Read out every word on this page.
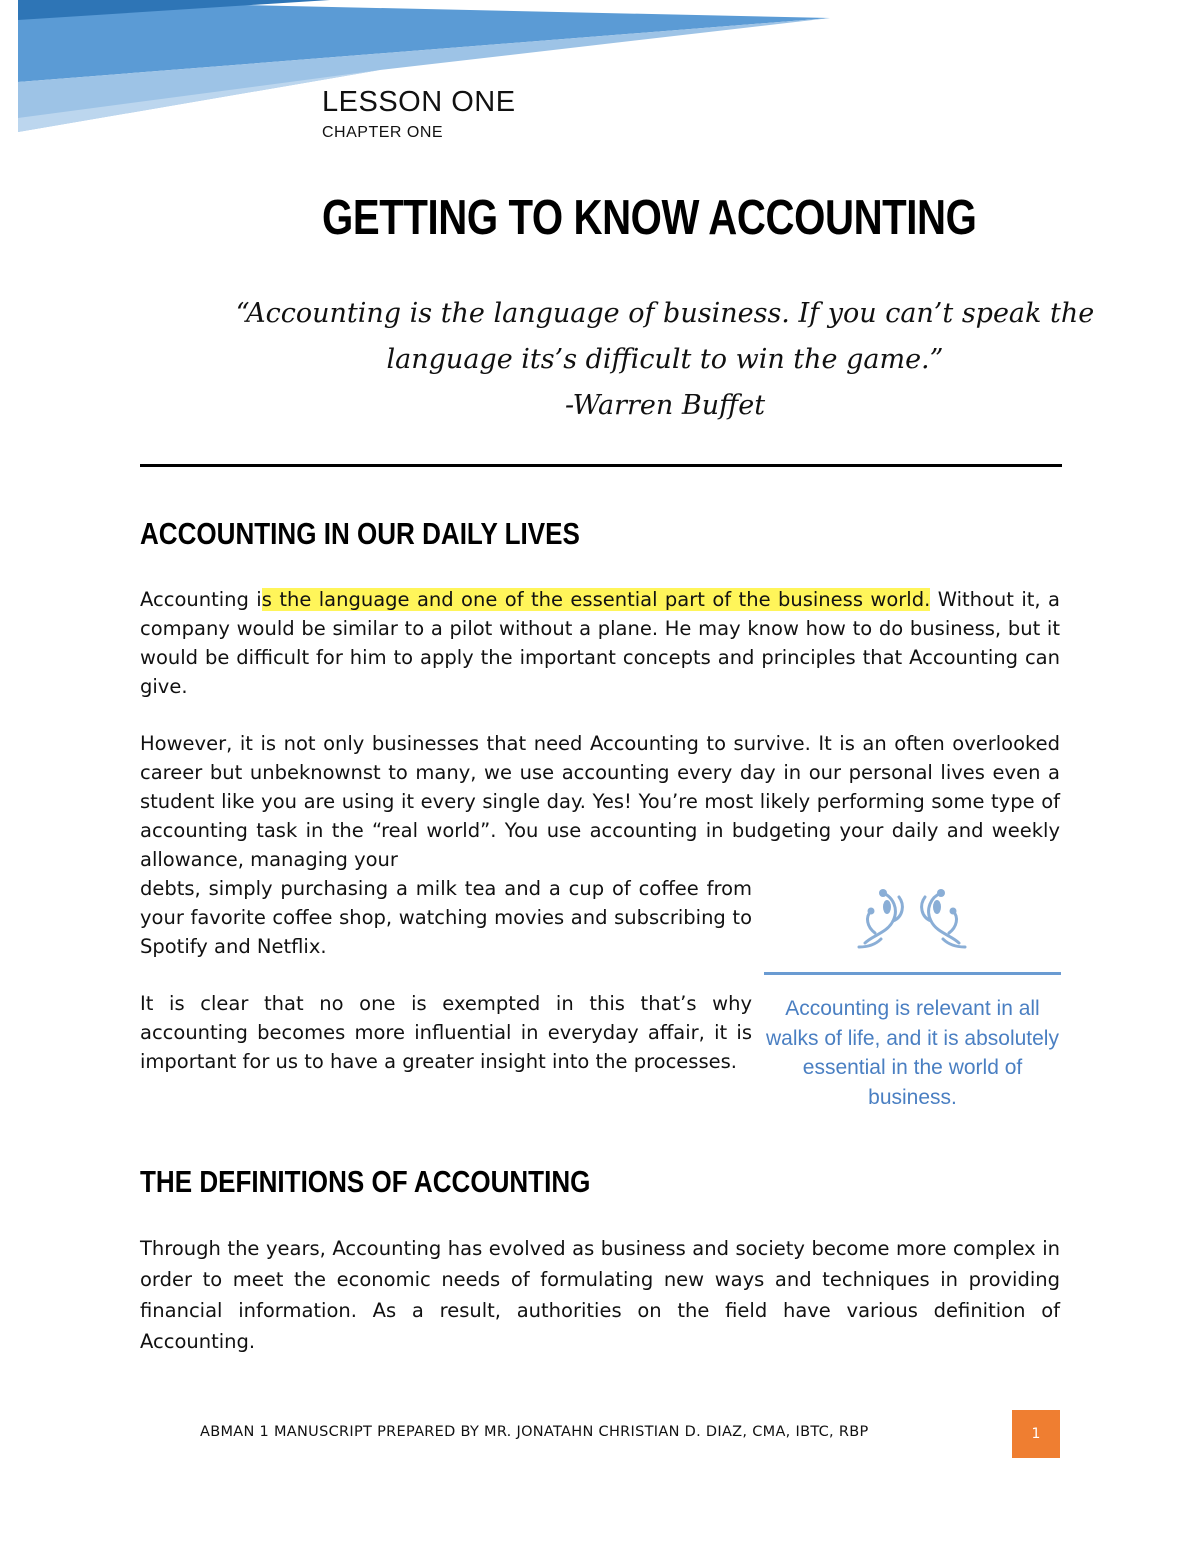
LESSON ONE
CHAPTER ONE
GETTING TO KNOW ACCOUNTING
“Accounting is the language of business. If you can’t speak the
language its’s difficult to win the game.”
-Warren Buffet
ACCOUNTING IN OUR DAILY LIVES

Accounting is the language and one of the essential part of the business world. Without it, a company would be similar to a pilot without a plane. He may know how to do business, but it would be difficult for him to apply the important concepts and principles that Accounting can give.

However, it is not only businesses that need Accounting to survive. It is an often overlooked career but unbeknownst to many, we use accounting every day in our personal lives even a student like you are using it every single day. Yes! You’re most likely performing some type of accounting task in the “real world”. You use accounting in budgeting your daily and weekly allowance, managing your

debts, simply purchasing a milk tea and a cup of coffee from your favorite coffee shop, watching movies and subscribing to Spotify and Netflix.

It is clear that no one is exempted in this that’s why accounting becomes more influential in everyday affair, it is important for us to have a greater insight into the processes.

Accounting is relevant in all walks of life, and it is absolutely essential in the world of business.
THE DEFINITIONS OF ACCOUNTING

Through the years, Accounting has evolved as business and society become more complex in order to meet the economic needs of formulating new ways and techniques in providing financial information. As a result, authorities on the field have various definition of Accounting.

ABMAN 1 MANUSCRIPT PREPARED BY MR. JONATAHN CHRISTIAN D. DIAZ, CMA, IBTC, RBP	1
